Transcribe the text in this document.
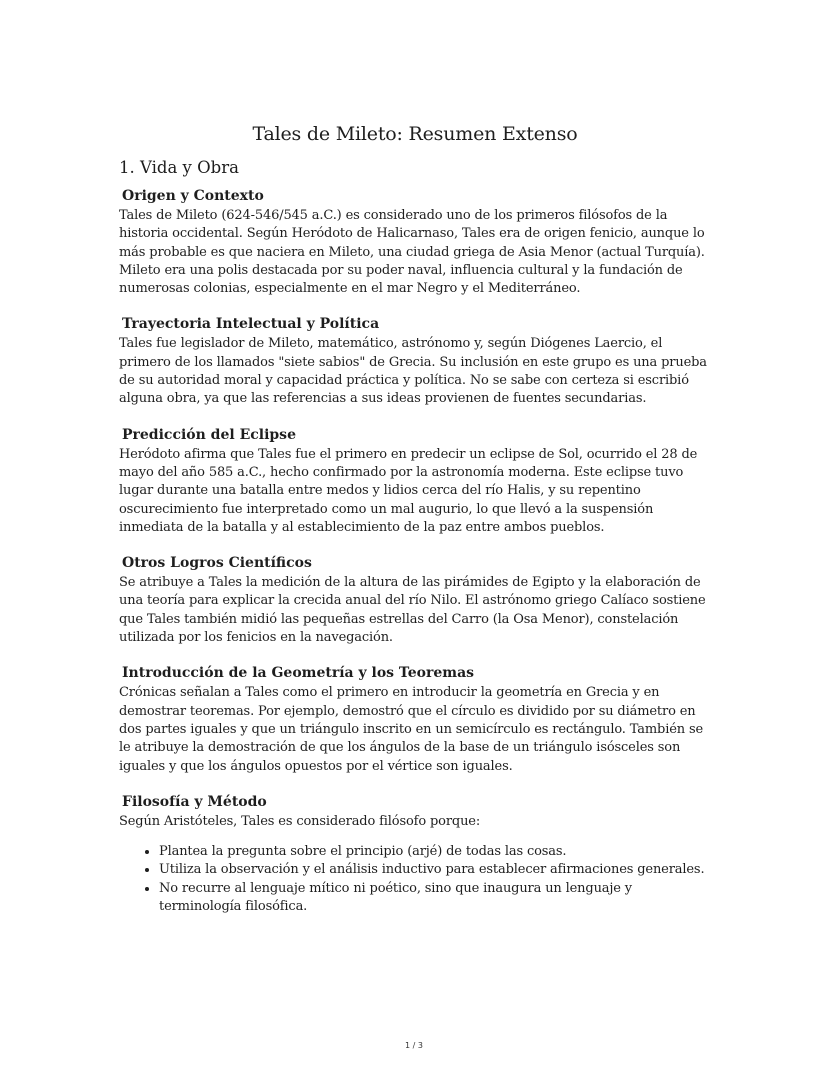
Tales de Mileto: Resumen Extenso
1. Vida y Obra
Origen y Contexto

Tales de Mileto (624-546/545 a.C.) es considerado uno de los primeros filósofos de la historia occidental. Según Heródoto de Halicarnaso, Tales era de origen fenicio, aunque lo más probable es que naciera en Mileto, una ciudad griega de Asia Menor (actual Turquía). Mileto era una polis destacada por su poder naval, influencia cultural y la fundación de numerosas colonias, especialmente en el mar Negro y el Mediterráneo.

Trayectoria Intelectual y Política

Tales fue legislador de Mileto, matemático, astrónomo y, según Diógenes Laercio, el primero de los llamados "siete sabios" de Grecia. Su inclusión en este grupo es una prueba de su autoridad moral y capacidad práctica y política. No se sabe con certeza si escribió alguna obra, ya que las referencias a sus ideas provienen de fuentes secundarias.

Predicción del Eclipse

Heródoto afirma que Tales fue el primero en predecir un eclipse de Sol, ocurrido el 28 de mayo del año 585 a.C., hecho confirmado por la astronomía moderna. Este eclipse tuvo lugar durante una batalla entre medos y lidios cerca del río Halis, y su repentino oscurecimiento fue interpretado como un mal augurio, lo que llevó a la suspensión inmediata de la batalla y al establecimiento de la paz entre ambos pueblos.

Otros Logros Científicos

Se atribuye a Tales la medición de la altura de las pirámides de Egipto y la elaboración de una teoría para explicar la crecida anual del río Nilo. El astrónomo griego Calíaco sostiene que Tales también midió las pequeñas estrellas del Carro (la Osa Menor), constelación utilizada por los fenicios en la navegación.

Introducción de la Geometría y los Teoremas

Crónicas señalan a Tales como el primero en introducir la geometría en Grecia y en demostrar teoremas. Por ejemplo, demostró que el círculo es dividido por su diámetro en dos partes iguales y que un triángulo inscrito en un semicírculo es rectángulo. También se le atribuye la demostración de que los ángulos de la base de un triángulo isósceles son iguales y que los ángulos opuestos por el vértice son iguales.

Filosofía y Método

Según Aristóteles, Tales es considerado filósofo porque:

• Plantea la pregunta sobre el principio (arjé) de todas las cosas.
• Utiliza la observación y el análisis inductivo para establecer afirmaciones generales.
• No recurre al lenguaje mítico ni poético, sino que inaugura un lenguaje y terminología filosófica.
1 / 3
